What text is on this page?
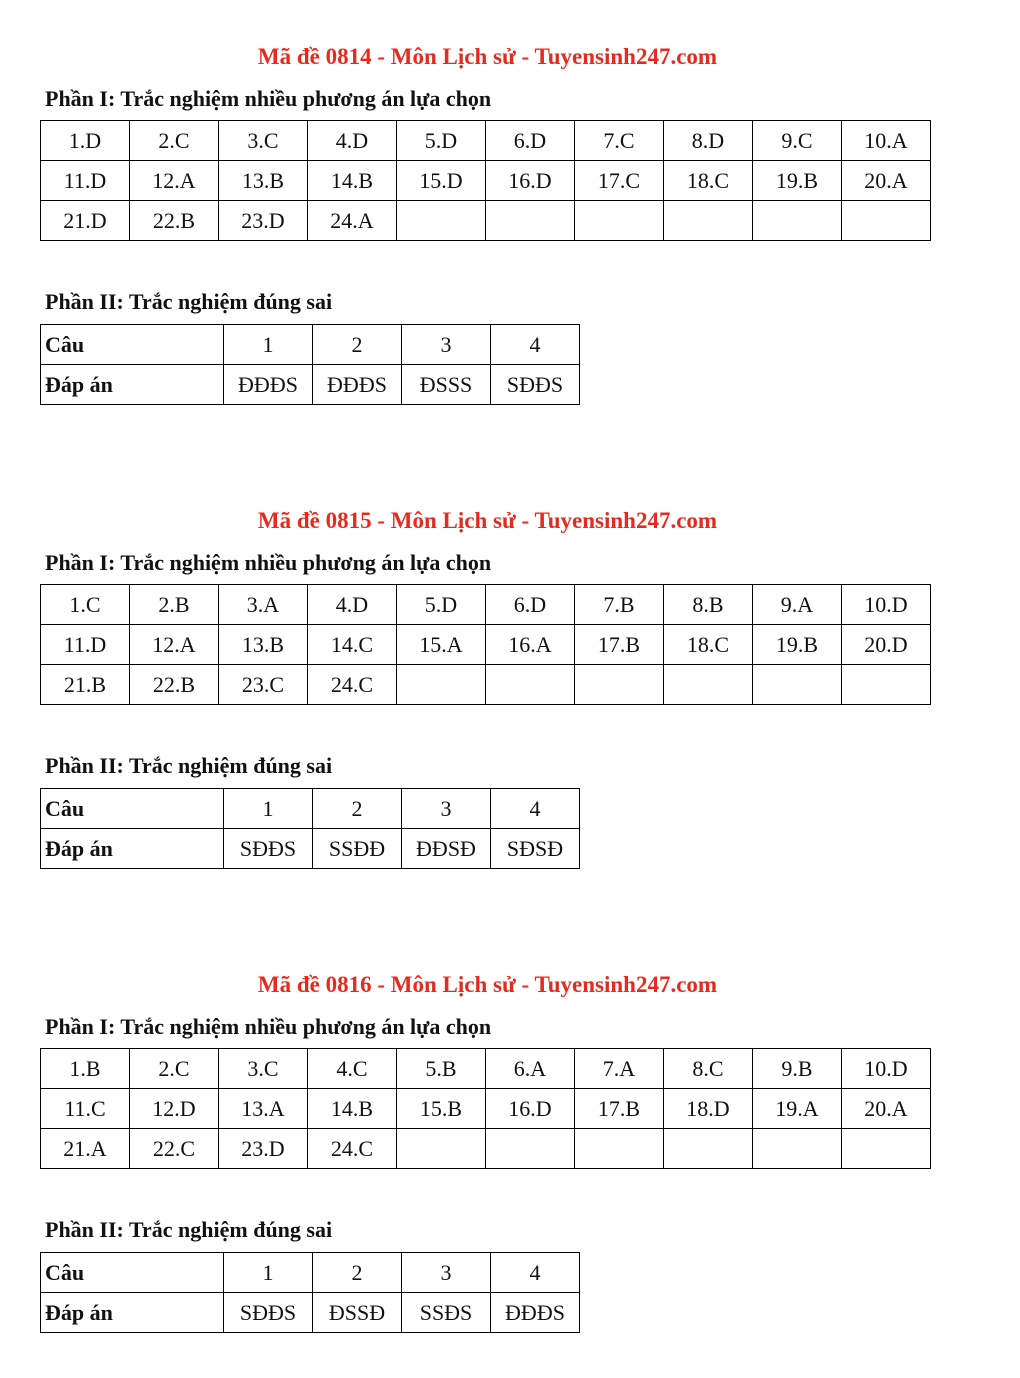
Mã đề 0814 - Môn Lịch sử - Tuyensinh247.com
Phần I: Trắc nghiệm nhiều phương án lựa chọn
1.D	2.C	3.C	4.D	5.D	6.D	7.C	8.D	9.C	10.A
11.D	12.A	13.B	14.B	15.D	16.D	17.C	18.C	19.B	20.A
21.D	22.B	23.D	24.A						
Phần II: Trắc nghiệm đúng sai
Câu	1	2	3	4
Đáp án	ĐĐĐS	ĐĐĐS	ĐSSS	SĐĐS
Mã đề 0815 - Môn Lịch sử - Tuyensinh247.com
Phần I: Trắc nghiệm nhiều phương án lựa chọn
1.C	2.B	3.A	4.D	5.D	6.D	7.B	8.B	9.A	10.D
11.D	12.A	13.B	14.C	15.A	16.A	17.B	18.C	19.B	20.D
21.B	22.B	23.C	24.C						
Phần II: Trắc nghiệm đúng sai
Câu	1	2	3	4
Đáp án	SĐĐS	SSĐĐ	ĐĐSĐ	SĐSĐ
Mã đề 0816 - Môn Lịch sử - Tuyensinh247.com
Phần I: Trắc nghiệm nhiều phương án lựa chọn
1.B	2.C	3.C	4.C	5.B	6.A	7.A	8.C	9.B	10.D
11.C	12.D	13.A	14.B	15.B	16.D	17.B	18.D	19.A	20.A
21.A	22.C	23.D	24.C						
Phần II: Trắc nghiệm đúng sai
Câu	1	2	3	4
Đáp án	SĐĐS	ĐSSĐ	SSĐS	ĐĐĐS
